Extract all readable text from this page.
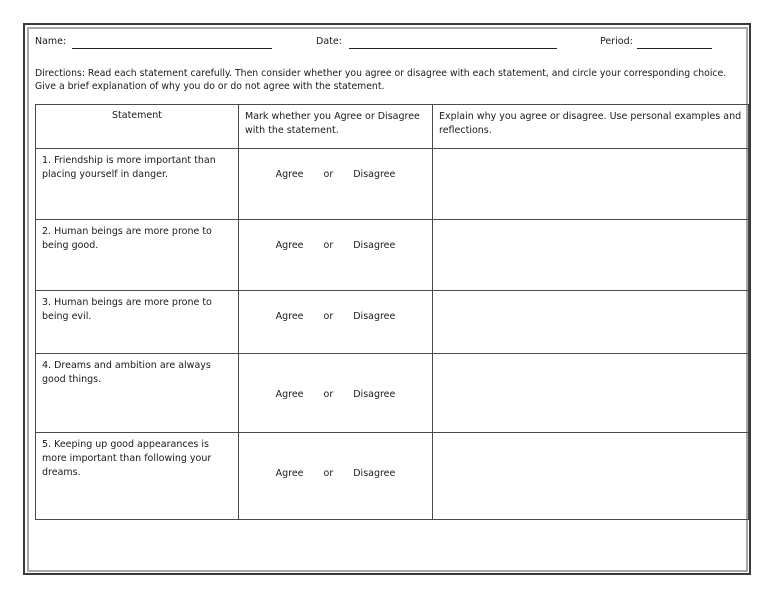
Name:	Date:	Period:
Directions: Read each statement carefully. Then consider whether you agree or disagree with each statement, and circle your corresponding choice. Give a brief explanation of why you do or do not agree with the statement.
Statement	Mark whether you Agree or Disagree with the statement.	Explain why you agree or disagree. Use personal examples and reflections.

1. Friendship is more important than placing yourself in danger.	Agree or Disagree	

2. Human beings are more prone to being good.	Agree or Disagree	

3. Human beings are more prone to being evil.	Agree or Disagree	

4. Dreams and ambition are always good things.	Agree or Disagree	

5. Keeping up good appearances is more important than following your dreams.	Agree or Disagree	
